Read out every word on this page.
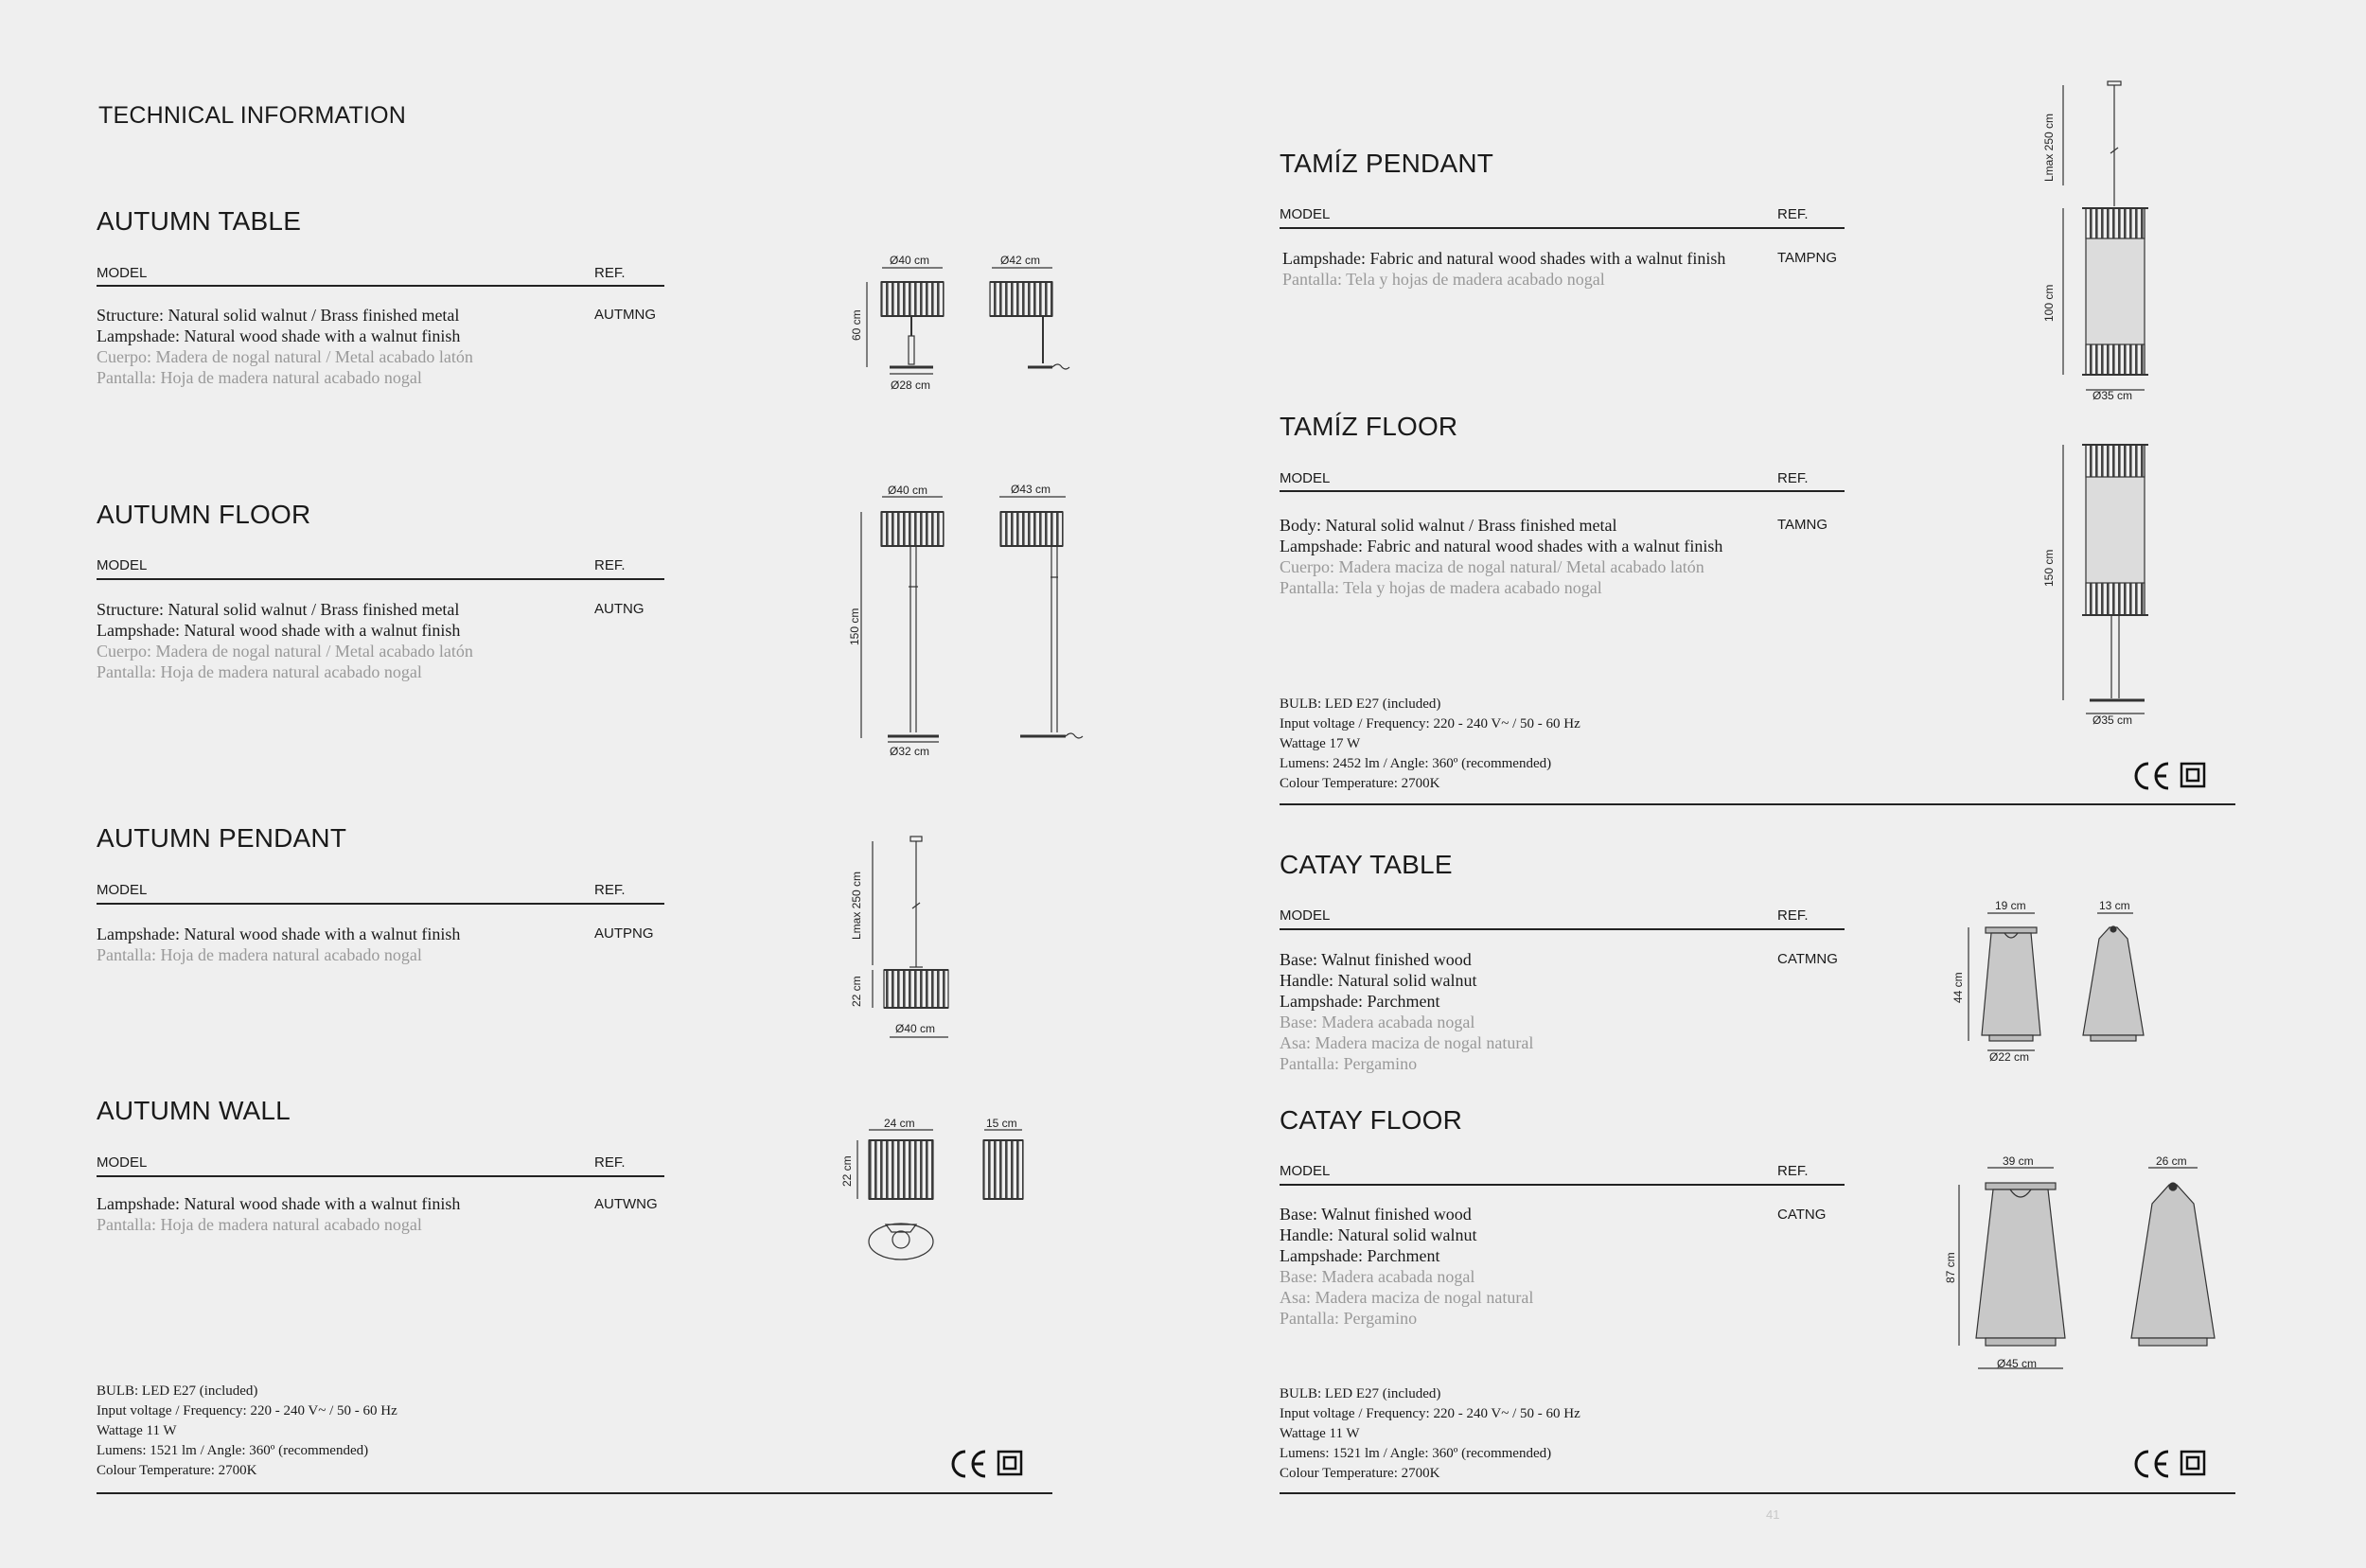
TECHNICAL INFORMATION
AUTUMN TABLE
MODEL	REF.
Structure: Natural solid walnut / Brass finished metal
Lampshade: Natural wood shade with a walnut finish
Cuerpo: Madera de nogal natural / Metal acabado latón
Pantalla: Hoja de madera natural acabado nogal
AUTMNG
AUTUMN FLOOR
MODEL	REF.
Structure: Natural solid walnut / Brass finished metal
Lampshade: Natural wood shade with a walnut finish
Cuerpo: Madera de nogal natural / Metal acabado latón
Pantalla: Hoja de madera natural acabado nogal
AUTNG
AUTUMN PENDANT
MODEL	REF.
Lampshade: Natural wood shade with a walnut finish
Pantalla: Hoja de madera natural acabado nogal
AUTPNG
AUTUMN WALL
MODEL	REF.
Lampshade: Natural wood shade with a walnut finish
Pantalla: Hoja de madera natural acabado nogal
AUTWNG
BULB: LED E27 (included)
Input voltage / Frequency: 220 - 240 V~ / 50 - 60 Hz
Wattage 11 W
Lumens: 1521 lm / Angle: 360º (recommended)
Colour Temperature: 2700K
TAMÍZ PENDANT
MODEL	REF.
Lampshade: Fabric and natural wood shades with a walnut finish
Pantalla: Tela y hojas de madera acabado nogal
TAMPNG
TAMÍZ FLOOR
MODEL	REF.
Body: Natural solid walnut / Brass finished metal
Lampshade: Fabric and natural wood shades with a walnut finish
Cuerpo: Madera maciza de nogal natural/ Metal acabado latón
Pantalla: Tela y hojas de madera acabado nogal
TAMNG
BULB: LED E27 (included)
Input voltage / Frequency: 220 - 240 V~ / 50 - 60 Hz
Wattage 17 W
Lumens: 2452 lm / Angle: 360º (recommended)
Colour Temperature: 2700K
CATAY TABLE
MODEL	REF.
Base: Walnut finished wood
Handle: Natural solid walnut
Lampshade: Parchment
Base: Madera acabada nogal
Asa: Madera maciza de nogal natural
Pantalla: Pergamino
CATMNG
CATAY FLOOR
MODEL	REF.
Base: Walnut finished wood
Handle: Natural solid walnut
Lampshade: Parchment
Base: Madera acabada nogal
Asa: Madera maciza de nogal natural
Pantalla: Pergamino
CATNG
BULB: LED E27 (included)
Input voltage / Frequency: 220 - 240 V~ / 50 - 60 Hz
Wattage 11 W
Lumens: 1521 lm / Angle: 360º (recommended)
Colour Temperature: 2700K
41
Ø40 cm	Ø42 cm
60 cm
Ø28 cm
Ø40 cm	Ø43 cm
150 cm
Ø32 cm
Lmax 250 cm
22 cm
Ø40 cm
24 cm	15 cm
22 cm
Lmax 250 cm
100 cm
Ø35 cm
150 cm
Ø35 cm
19 cm	13 cm
44 cm
Ø22 cm
39 cm	26 cm
87 cm
Ø45 cm
